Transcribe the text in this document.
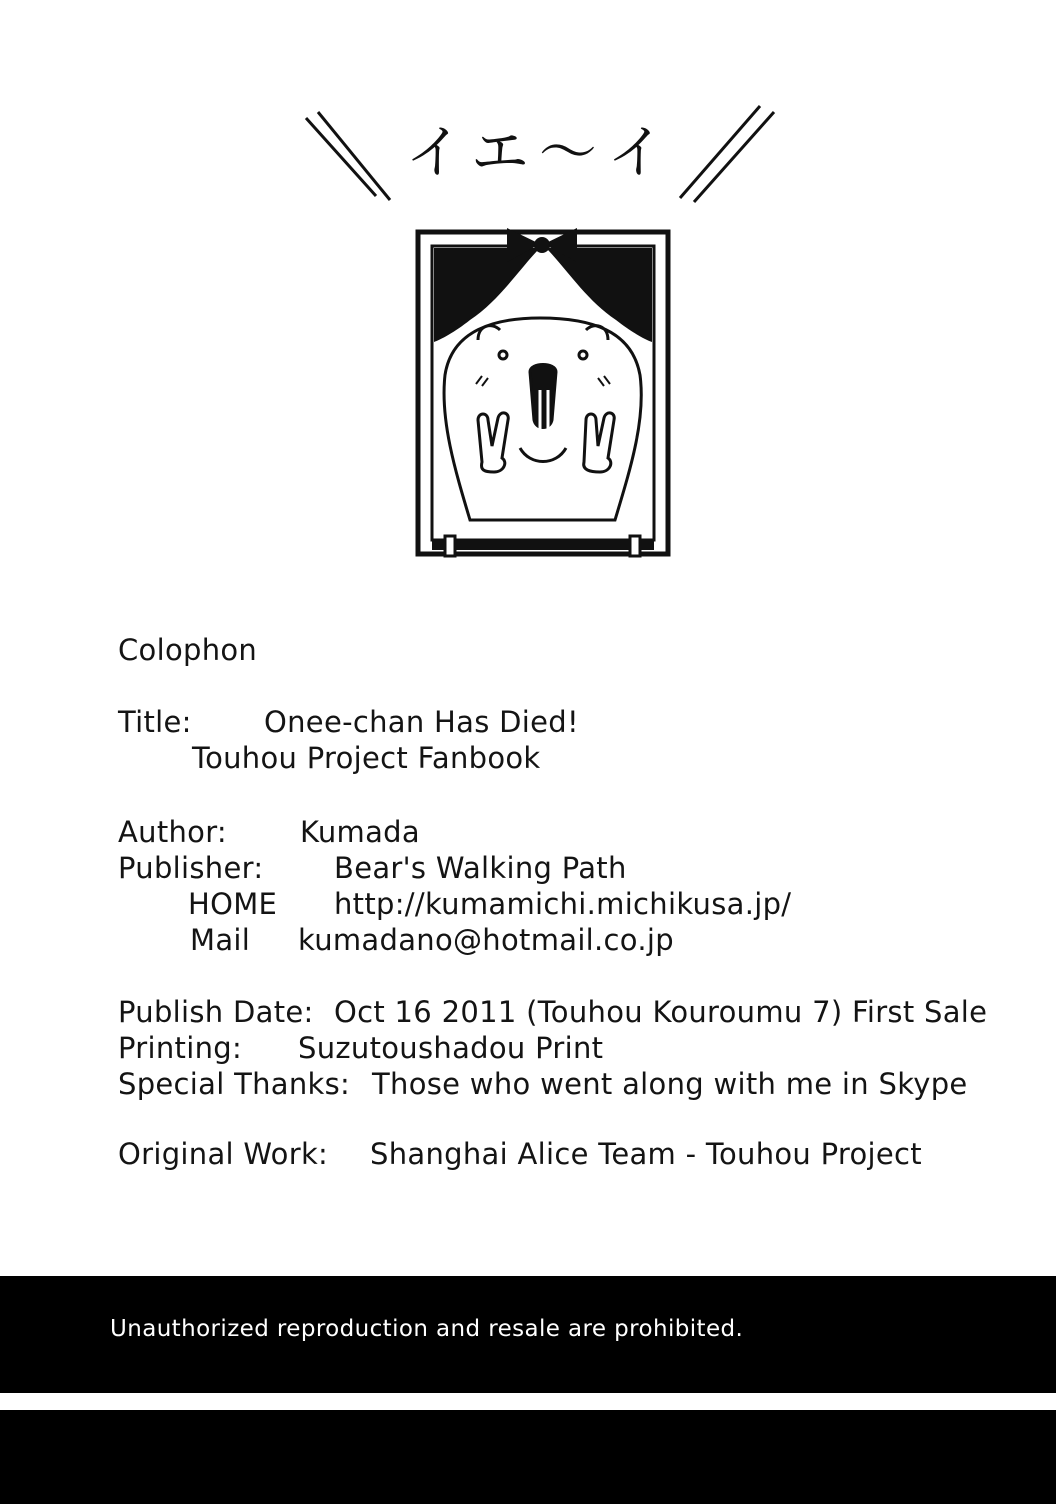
イエ〜イ
Colophon
Title: Onee-chan Has Died!
Touhou Project Fanbook
Author:	Kumada
Publisher: Bear's Walking Path
HOME http://kumamichi.michikusa.jp/
Mail kumadano@hotmail.co.jp
Publish Date: Oct 16 2011 (Touhou Kouroumu 7) First Sale
Printing: Suzutoushadou Print
Special Thanks: Those who went along with me in Skype
Original Work: Shanghai Alice Team - Touhou Project
Unauthorized reproduction and resale are prohibited.
